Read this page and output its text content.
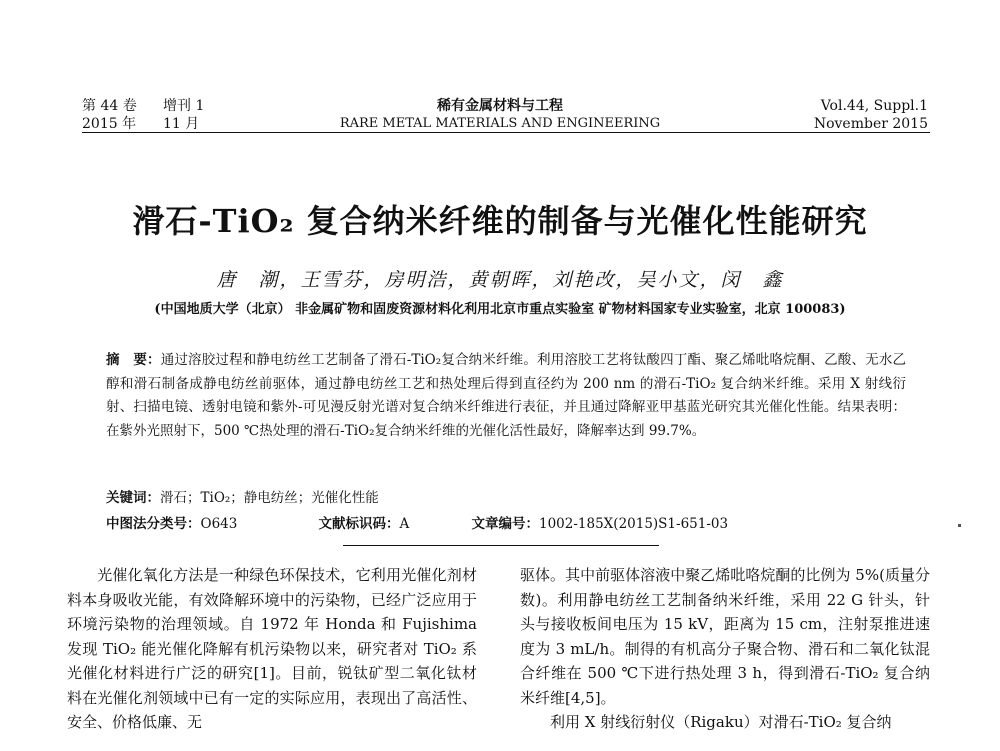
第 44 卷 增刊 1
2015 年 11 月
稀有金属材料与工程
RARE METAL MATERIALS AND ENGINEERING
Vol.44, Suppl.1
November 2015
滑石-TiO₂ 复合纳米纤维的制备与光催化性能研究
唐　潮，王雪芬，房明浩，黄朝晖，刘艳改，吴小文，闵　鑫
(中国地质大学（北京） 非金属矿物和固废资源材料化利用北京市重点实验室 矿物材料国家专业实验室，北京 100083)
摘　要：通过溶胶过程和静电纺丝工艺制备了滑石-TiO₂复合纳米纤维。利用溶胶工艺将钛酸四丁酯、聚乙烯吡咯烷酮、乙酸、无水乙醇和滑石制备成静电纺丝前驱体，通过静电纺丝工艺和热处理后得到直径约为 200 nm 的滑石-TiO₂ 复合纳米纤维。采用 X 射线衍射、扫描电镜、透射电镜和紫外-可见漫反射光谱对复合纳米纤维进行表征，并且通过降解亚甲基蓝光研究其光催化性能。结果表明：在紫外光照射下，500 ℃热处理的滑石-TiO₂复合纳米纤维的光催化活性最好，降解率达到 99.7%。
关键词：滑石；TiO₂；静电纺丝；光催化性能
中图法分类号：O643	文献标识码：A	文章编号：1002-185X(2015)S1-651-03
光催化氧化方法是一种绿色环保技术，它利用光催化剂材料本身吸收光能，有效降解环境中的污染物，已经广泛应用于环境污染物的治理领域。自 1972 年 Honda 和 Fujishima 发现 TiO₂ 能光催化降解有机污染物以来，研究者对 TiO₂ 系光催化材料进行广泛的研究[1]。目前，锐钛矿型二氧化钛材料在光催化剂领域中已有一定的实际应用，表现出了高活性、安全、价格低廉、无
驱体。其中前驱体溶液中聚乙烯吡咯烷酮的比例为 5%(质量分数)。利用静电纺丝工艺制备纳米纤维，采用 22 G 针头，针头与接收板间电压为 15 kV，距离为 15 cm，注射泵推进速度为 3 mL/h。制得的有机高分子聚合物、滑石和二氧化钛混合纤维在 500 ℃下进行热处理 3 h，得到滑石-TiO₂ 复合纳米纤维[4,5]。
利用 X 射线衍射仪（Rigaku）对滑石-TiO₂ 复合纳
